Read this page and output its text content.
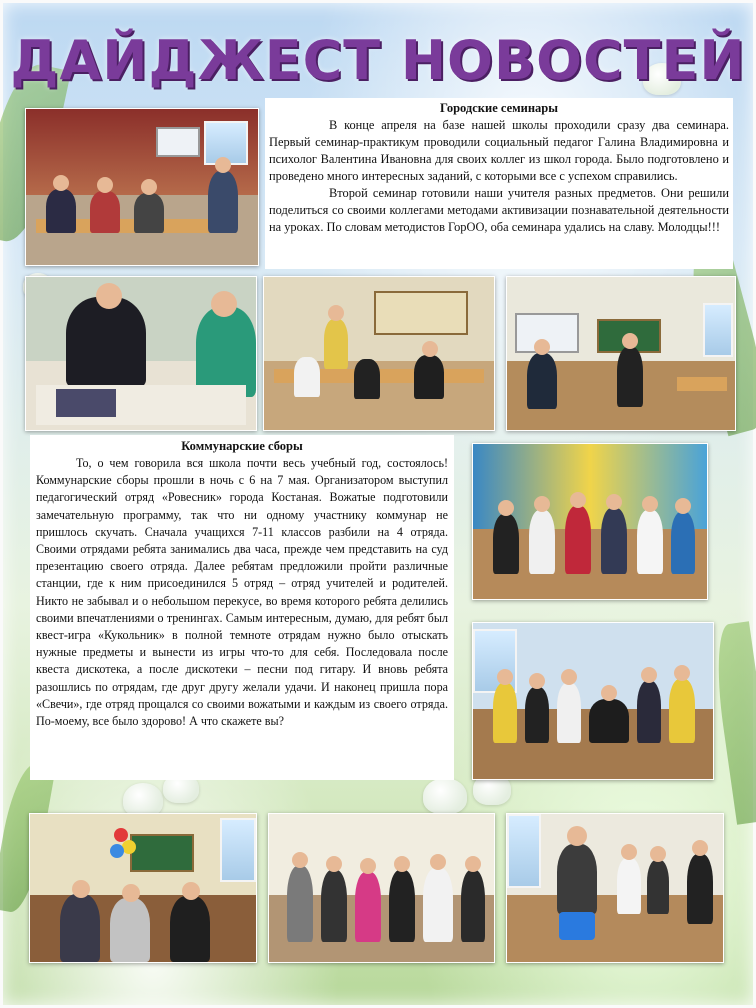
ДАЙДЖЕСТ НОВОСТЕЙ
Городские семинары

В конце апреля на базе нашей школы проходили сразу два семинара. Первый семинар-практикум проводили социальный педагог Галина Владимировна и психолог Валентина Ивановна для своих коллег из школ города. Было подготовлено и проведено много интересных заданий, с которыми все с успехом справились.

Второй семинар готовили наши учителя разных предметов. Они решили поделиться со своими коллегами методами активизации познавательной деятельности на уроках. По словам методистов ГорОО, оба семинара удались на славу. Молодцы!!!

Коммунарские сборы

То, о чем говорила вся школа почти весь учебный год, состоялось! Коммунарские сборы прошли в ночь с 6 на 7 мая. Организатором выступил педагогический отряд «Ровесник» города Костаная. Вожатые подготовили замечательную программу, так что ни одному участнику коммунар не пришлось скучать. Сначала учащихся 7-11 классов разбили на 4 отряда. Своими отрядами ребята занимались два часа, прежде чем представить на суд презентацию своего отряда. Далее ребятам предложили пройти различные станции, где к ним присоединился 5 отряд – отряд учителей и родителей. Никто не забывал и о небольшом перекусе, во время которого ребята делились своими впечатлениями о тренингах. Самым интересным, думаю, для ребят был квест-игра «Кукольник» в полной темноте отрядам нужно было отыскать нужные предметы и вынести из игры что-то для себя. Последовала после квеста дискотека, а после дискотеки – песни под гитару. И вновь ребята разошлись по отрядам, где друг другу желали удачи. И наконец пришла пора «Свечи», где отряд прощался со своими вожатыми и каждым из своего отряда. По-моему, все было здорово! А что скажете вы?
